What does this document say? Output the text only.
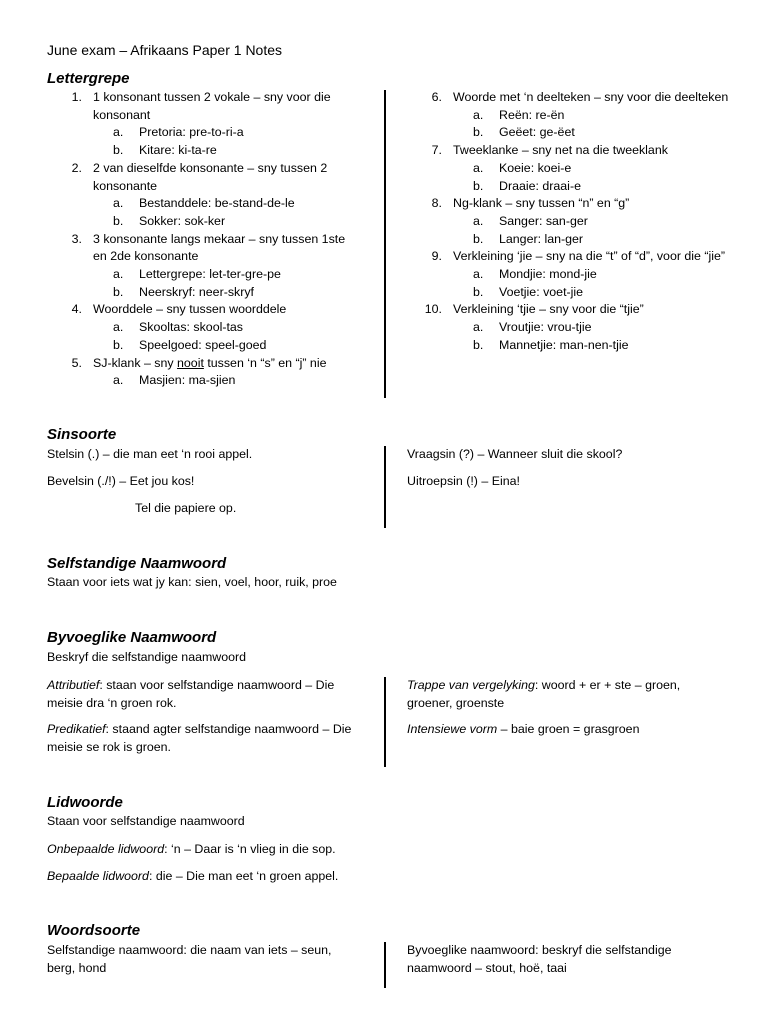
June exam – Afrikaans Paper 1 Notes
Lettergrepe
1. 1 konsonant tussen 2 vokale – sny voor die konsonant
a. Pretoria: pre-to-ri-a
b. Kitare: ki-ta-re
2. 2 van dieselfde konsonante – sny tussen 2 konsonante
a. Bestanddele: be-stand-de-le
b. Sokker: sok-ker
3. 3 konsonante langs mekaar – sny tussen 1ste en 2de konsonante
a. Lettergrepe: let-ter-gre-pe
b. Neerskryf: neer-skryf
4. Woorddele – sny tussen woorddele
a. Skooltas: skool-tas
b. Speelgoed: speel-goed
5. SJ-klank – sny nooit tussen ‘n “s” en “j” nie
a. Masjien: ma-sjien
6. Woorde met ‘n deelteken – sny voor die deelteken
a. Reën: re-ën
b. Geëet: ge-ëet
7. Tweeklanke – sny net na die tweeklank
a. Koeie: koei-e
b. Draaie: draai-e
8. Ng-klank – sny tussen “n” en “g”
a. Sanger: san-ger
b. Langer: lan-ger
9. Verkleining ‘jie – sny na die “t” of “d”, voor die “jie”
a. Mondjie: mond-jie
b. Voetjie: voet-jie
10. Verkleining ‘tjie – sny voor die “tjie”
a. Vroutjie: vrou-tjie
b. Mannetjie: man-nen-tjie
Sinsoorte
Stelsin (.) – die man eet ‘n rooi appel.
Bevelsin (./!) – Eet jou kos!
Tel die papiere op.
Vraagsin (?) – Wanneer sluit die skool?
Uitroepsin (!) – Eina!
Selfstandige Naamwoord
Staan voor iets wat jy kan: sien, voel, hoor, ruik, proe
Byvoeglike Naamwoord
Beskryf die selfstandige naamwoord
Attributief: staan voor selfstandige naamwoord – Die meisie dra ‘n groen rok.
Predikatief: staand agter selfstandige naamwoord – Die meisie se rok is groen.
Trappe van vergelyking: woord + er + ste – groen, groener, groenste
Intensiewe vorm – baie groen = grasgroen
Lidwoorde
Staan voor selfstandige naamwoord
Onbepaalde lidwoord: ‘n – Daar is ‘n vlieg in die sop.
Bepaalde lidwoord: die – Die man eet ‘n groen appel.
Woordsoorte
Selfstandige naamwoord: die naam van iets – seun, berg, hond
Byvoeglike naamwoord: beskryf die selfstandige naamwoord – stout, hoë, taai
